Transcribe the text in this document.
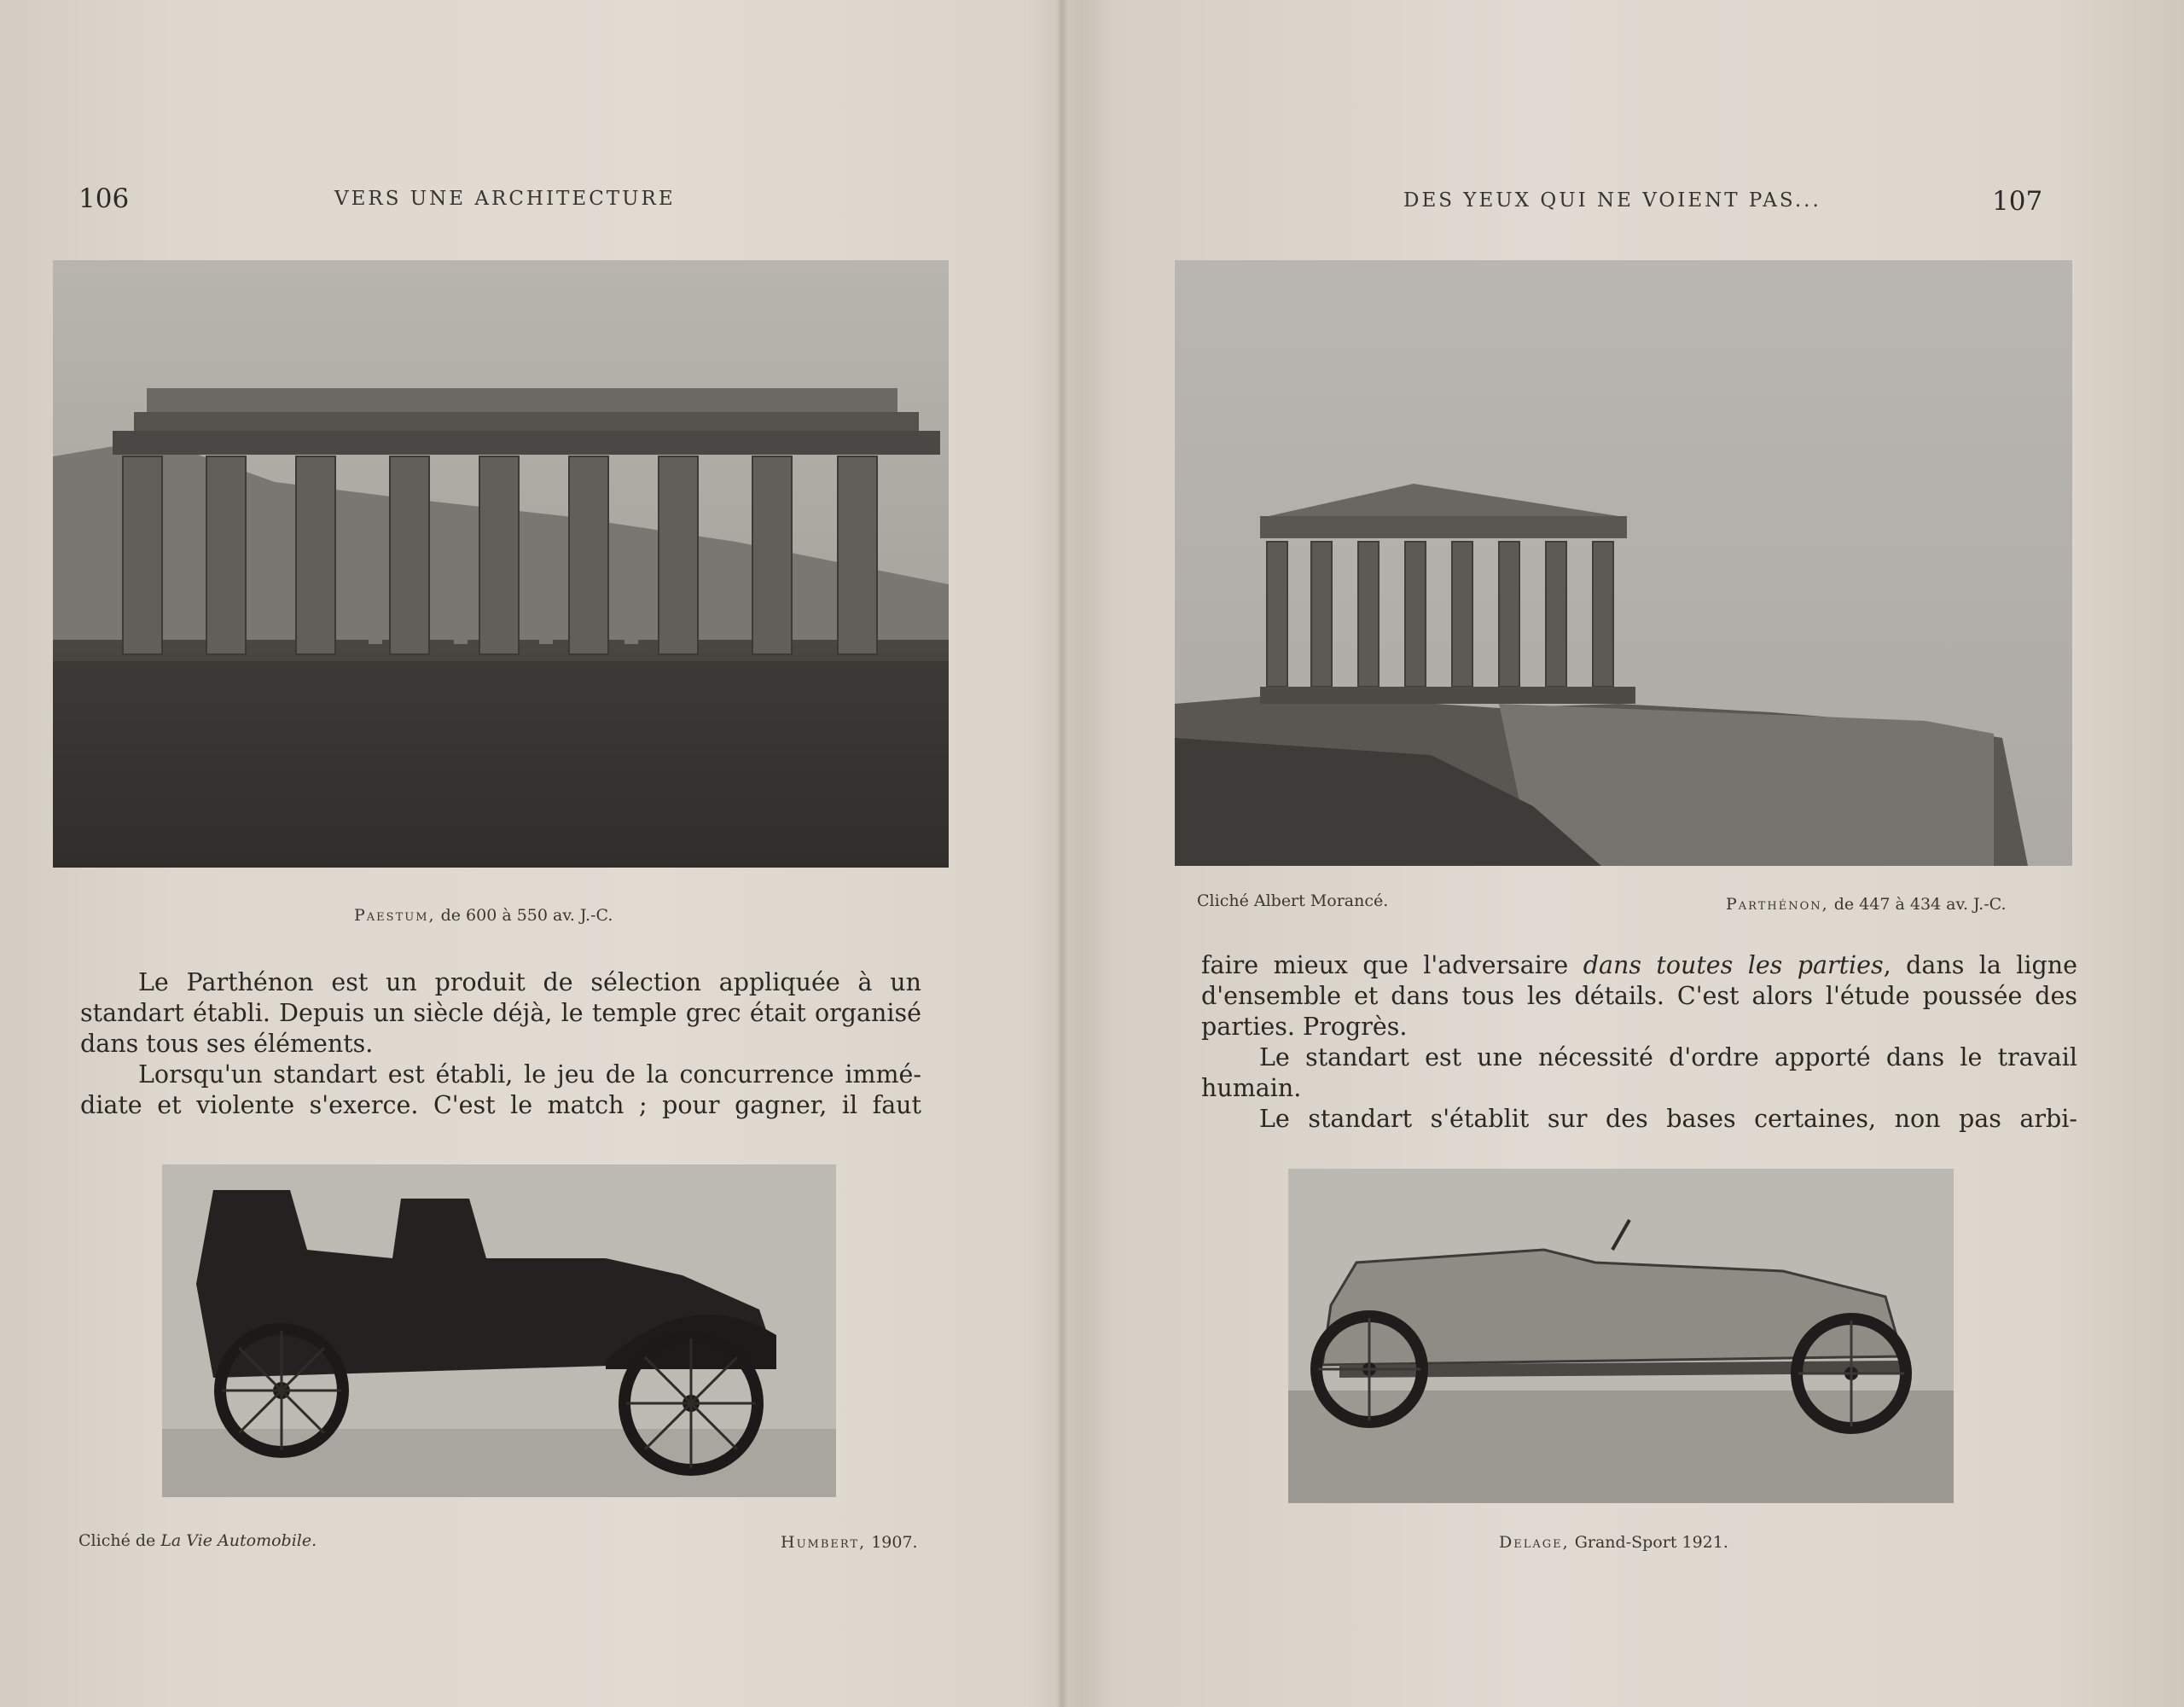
106	VERS UNE ARCHITECTURE
Paestum, de 600 à 550 av. J.-C.

Le Parthénon est un produit de sélection appliquée à un
standart établi. Depuis un siècle déjà, le temple grec était organisé
dans tous ses éléments.

Lorsqu'un standart est établi, le jeu de la concurrence immé-
diate et violente s'exerce. C'est le match ; pour gagner, il faut

Cliché de La Vie Automobile.	Humbert, 1907.
DES YEUX QUI NE VOIENT PAS...	107
Cliché Albert Morancé.	Parthénon, de 447 à 434 av. J.-C.

faire mieux que l'adversaire dans toutes les parties, dans la ligne
d'ensemble et dans tous les détails. C'est alors l'étude poussée des
parties. Progrès.

Le standart est une nécessité d'ordre apporté dans le travail
humain.

Le standart s'établit sur des bases certaines, non pas arbi-

Delage, Grand-Sport 1921.
